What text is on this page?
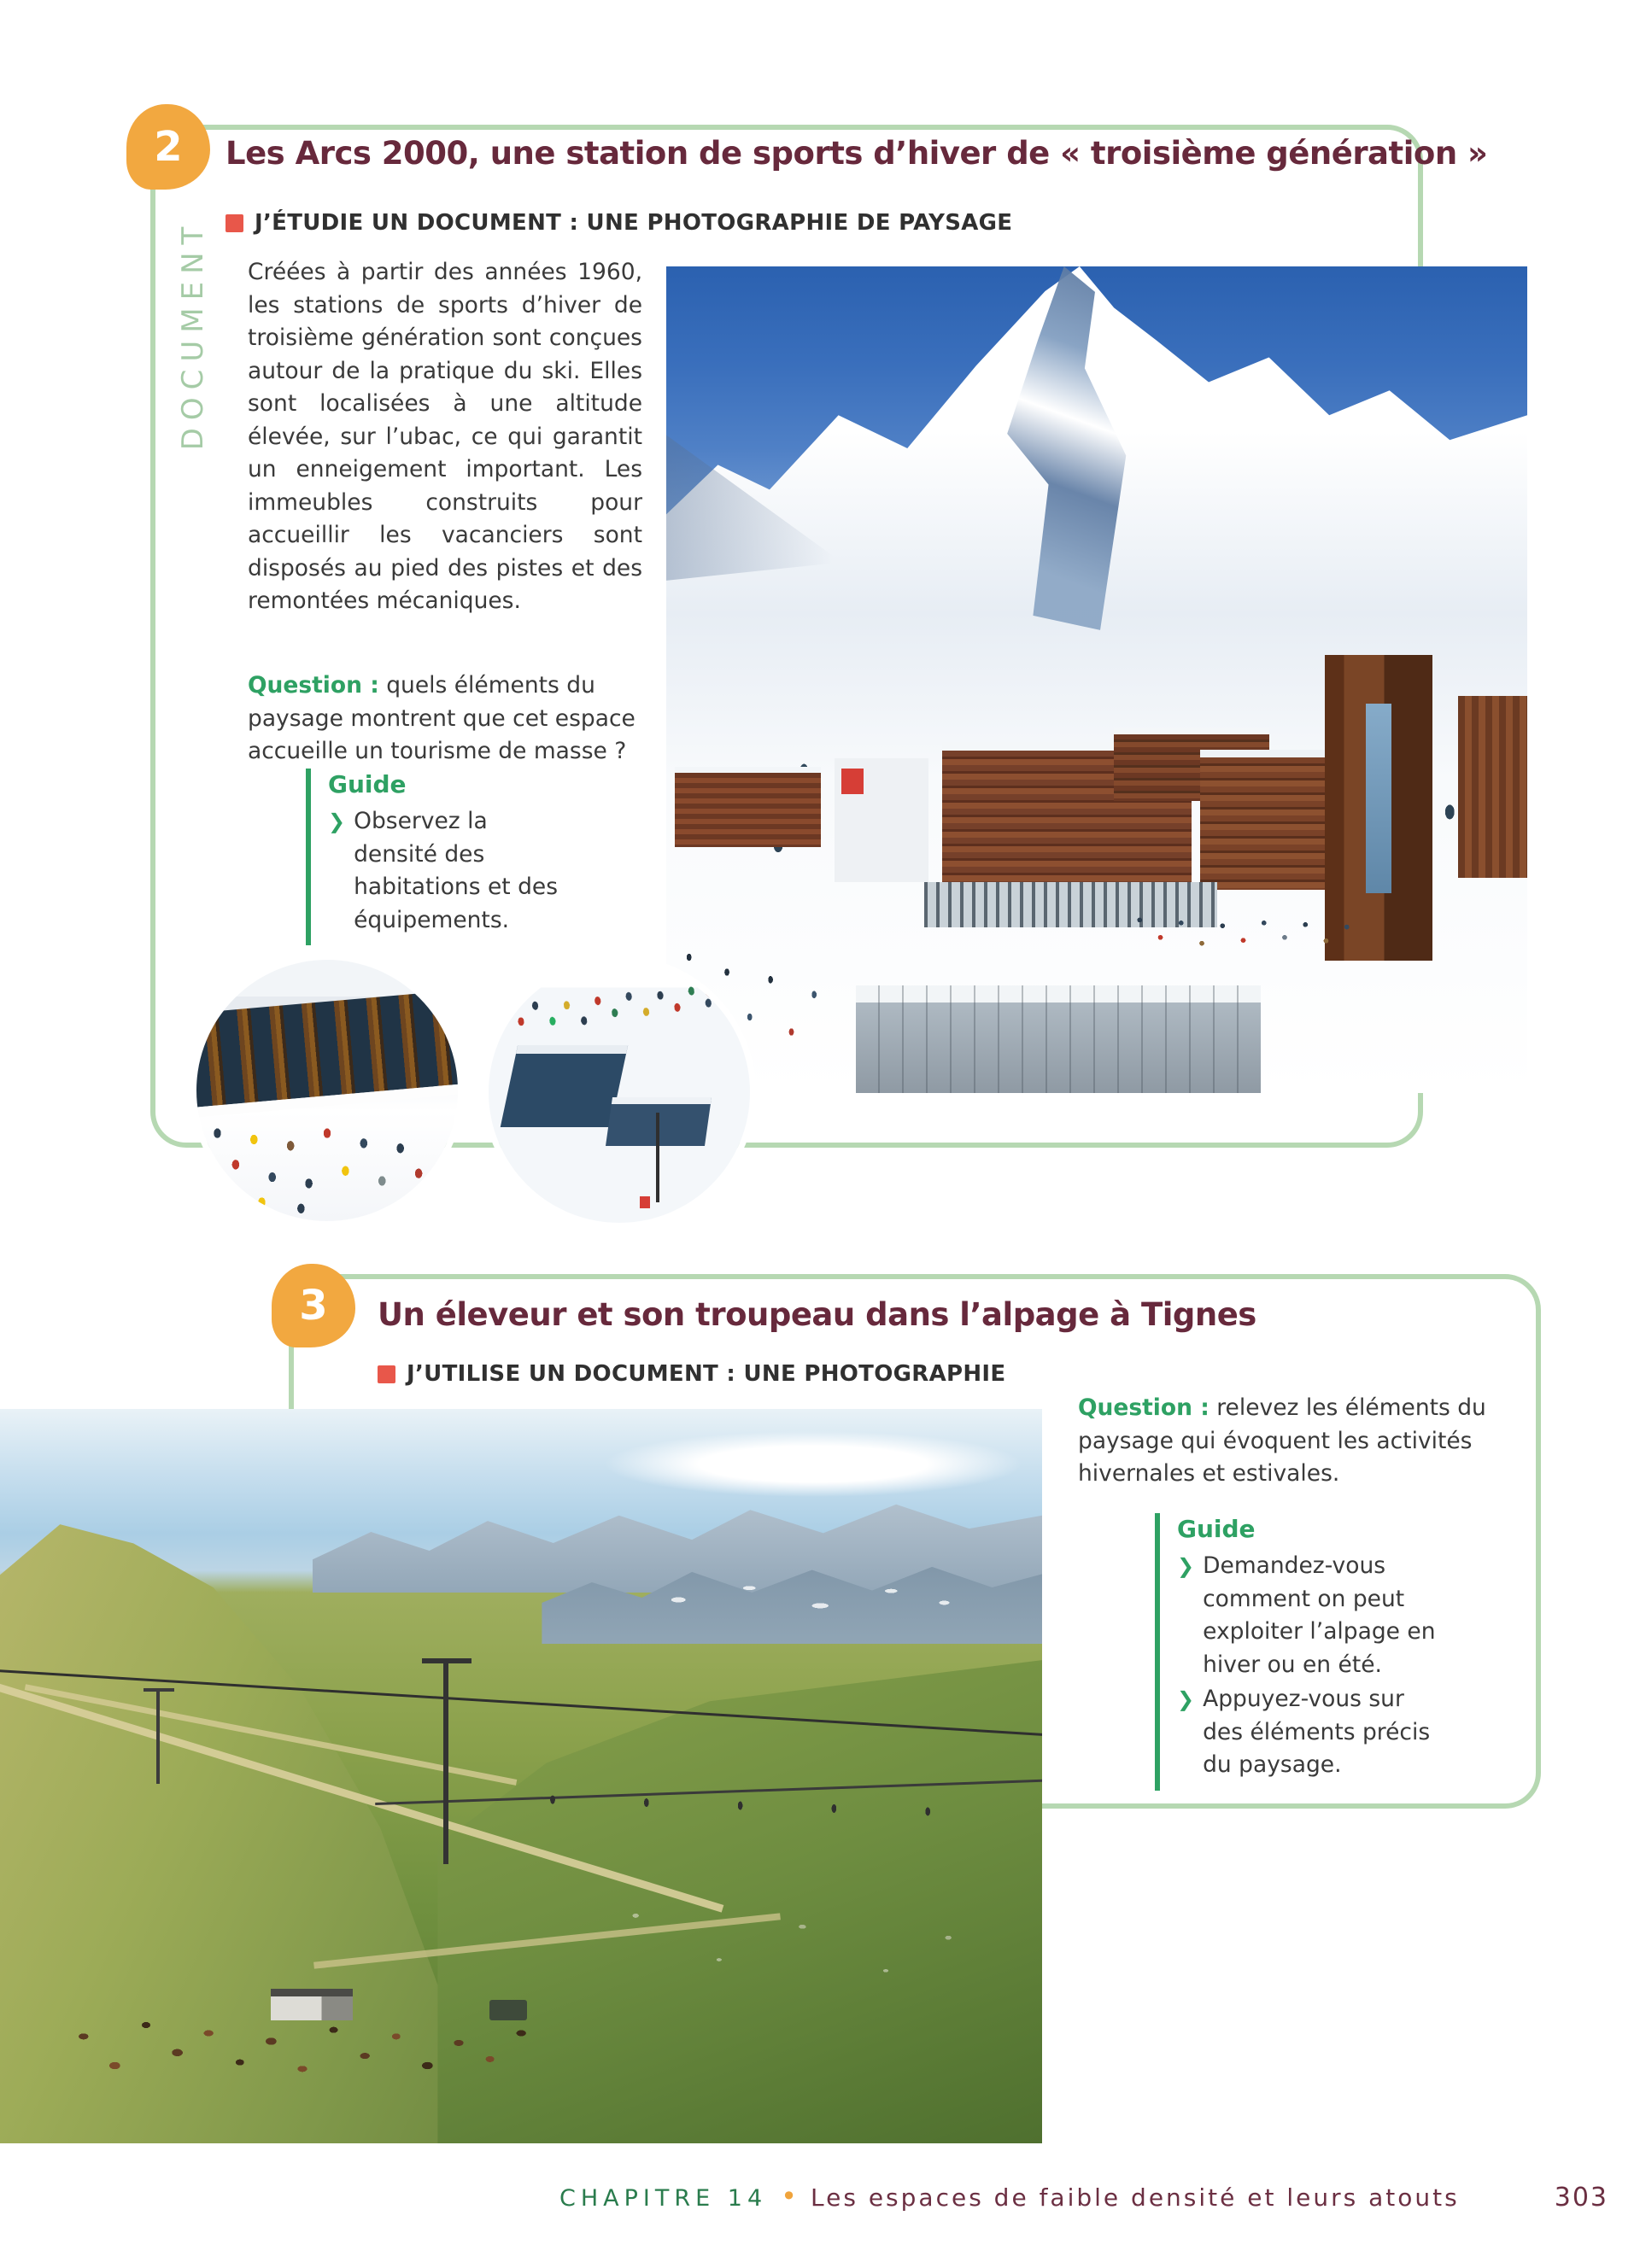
2	Les Arcs 2000, une station de sports d’hiver de « troisième génération »
J’ÉTUDIE UN DOCUMENT : UNE PHOTOGRAPHIE DE PAYSAGE
DOCUMENT Créées à partir des années 1960, les stations de sports d’hiver de troisième génération sont conçues autour de la pratique du ski. Elles sont localisées à une altitude élevée, sur l’ubac, ce qui garantit un enneigement important. Les immeubles construits pour accueillir les vacanciers sont disposés au pied des pistes et des remontées mécaniques.

Question : quels éléments du paysage montrent que cet espace accueille un tourisme de masse ?

Guide
❯
Observez la densité des habitations et des équipements.
3	Un éleveur et son troupeau dans l’alpage à Tignes
J’UTILISE UN DOCUMENT : UNE PHOTOGRAPHIE

Question : relevez les éléments du paysage qui évoquent les activités hivernales et estivales.

Guide
❯
Demandez-vous comment on peut exploiter l’alpage en hiver ou en été.
❯
Appuyez-vous sur des éléments précis du paysage.
CHAPITRE 14 • Les espaces de faible densité et leurs atouts	303
